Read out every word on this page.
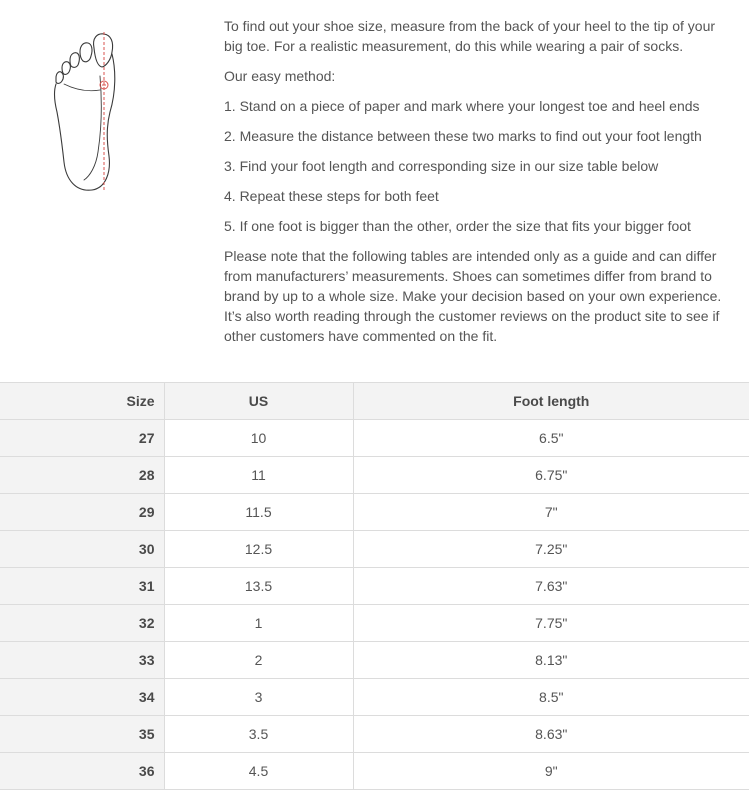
To find out your shoe size, measure from the back of your heel to the tip of your big toe. For a realistic measurement, do this while wearing a pair of socks.

Our easy method:

1. Stand on a piece of paper and mark where your longest toe and heel ends

2. Measure the distance between these two marks to find out your foot length

3. Find your foot length and corresponding size in our size table below

4. Repeat these steps for both feet

5. If one foot is bigger than the other, order the size that fits your bigger foot

Please note that the following tables are intended only as a guide and can differ from manufacturers’ measurements. Shoes can sometimes differ from brand to brand by up to a whole size. Make your decision based on your own experience. It’s also worth reading through the customer reviews on the product site to see if other customers have commented on the fit.

Size	US	Foot length
27	10	6.5"
28	11	6.75"
29	11.5	7"
30	12.5	7.25"
31	13.5	7.63"
32	1	7.75"
33	2	8.13"
34	3	8.5"
35	3.5	8.63"
36	4.5	9"
